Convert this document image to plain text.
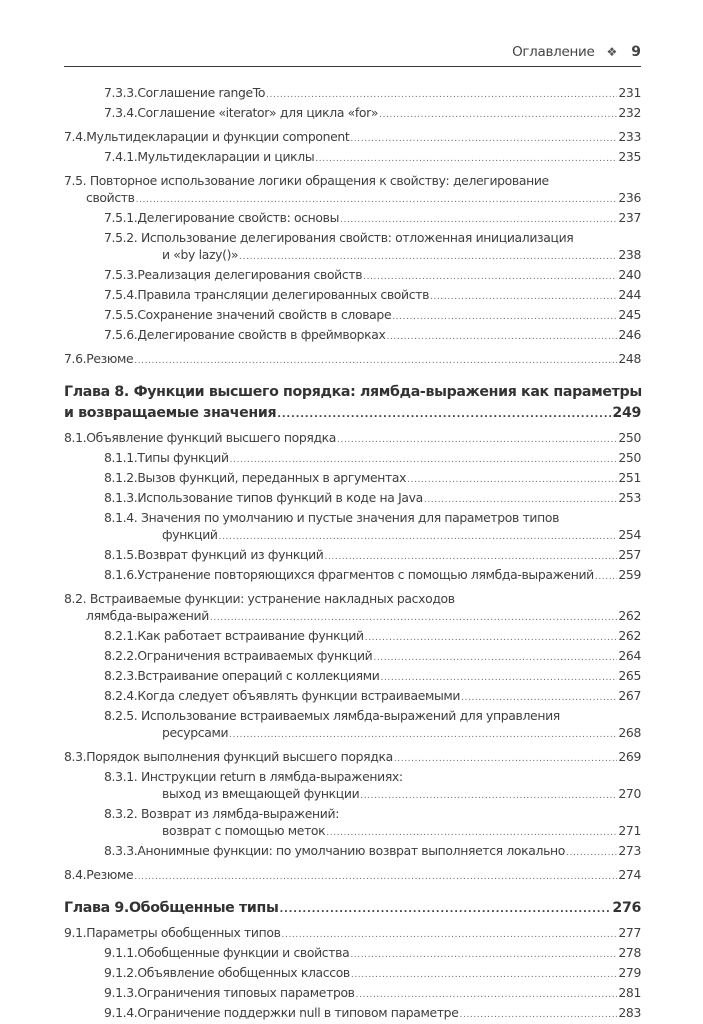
Оглавление ❖ 9
7.3.3. Соглашение rangeTo .....	231
7.3.4. Соглашение «iterator» для цикла «for» .....	232
7.4. Мультидекларации и функции component .....	233
7.4.1. Мультидекларации и циклы .....	235
7.5. Повторное использование логики обращения к свойству: делегирование
свойств .....	236
7.5.1. Делегирование свойств: основы .....	237
7.5.2. Использование делегирования свойств: отложенная инициализация
и «by lazy()» .....	238
7.5.3. Реализация делегирования свойств .....	240
7.5.4. Правила трансляции делегированных свойств .....	244
7.5.5. Сохранение значений свойств в словаре .....	245
7.5.6. Делегирование свойств в фреймворках .....	246
7.6. Резюме .....	248
Глава 8. Функции высшего порядка: лямбда-выражения как параметры
и возвращаемые значения .....	249
8.1. Объявление функций высшего порядка .....	250
8.1.1. Типы функций .....	250
8.1.2. Вызов функций, переданных в аргументах .....	251
8.1.3. Использование типов функций в коде на Java .....	253
8.1.4. Значения по умолчанию и пустые значения для параметров типов
функций .....	254
8.1.5. Возврат функций из функций .....	257
8.1.6. Устранение повторяющихся фрагментов с помощью лямбда-выражений ..... 259
8.2. Встраиваемые функции: устранение накладных расходов
лямбда-выражений .....	262
8.2.1. Как работает встраивание функций .....	262
8.2.2. Ограничения встраиваемых функций .....	264
8.2.3. Встраивание операций с коллекциями .....	265
8.2.4. Когда следует объявлять функции встраиваемыми .....	267
8.2.5. Использование встраиваемых лямбда-выражений для управления
ресурсами .....	268
8.3. Порядок выполнения функций высшего порядка .....	269
8.3.1. Инструкции return в лямбда-выражениях:
выход из вмещающей функции .....	270
8.3.2. Возврат из лямбда-выражений:
возврат с помощью меток .....	271
8.3.3. Анонимные функции: по умолчанию возврат выполняется локально .....	273
8.4. Резюме .....	274
Глава 9. Обобщенные типы .....	276
9.1. Параметры обобщенных типов .....	277
9.1.1. Обобщенные функции и свойства .....	278
9.1.2. Объявление обобщенных классов .....	279
9.1.3. Ограничения типовых параметров .....	281
9.1.4. Ограничение поддержки null в типовом параметре .....	283
